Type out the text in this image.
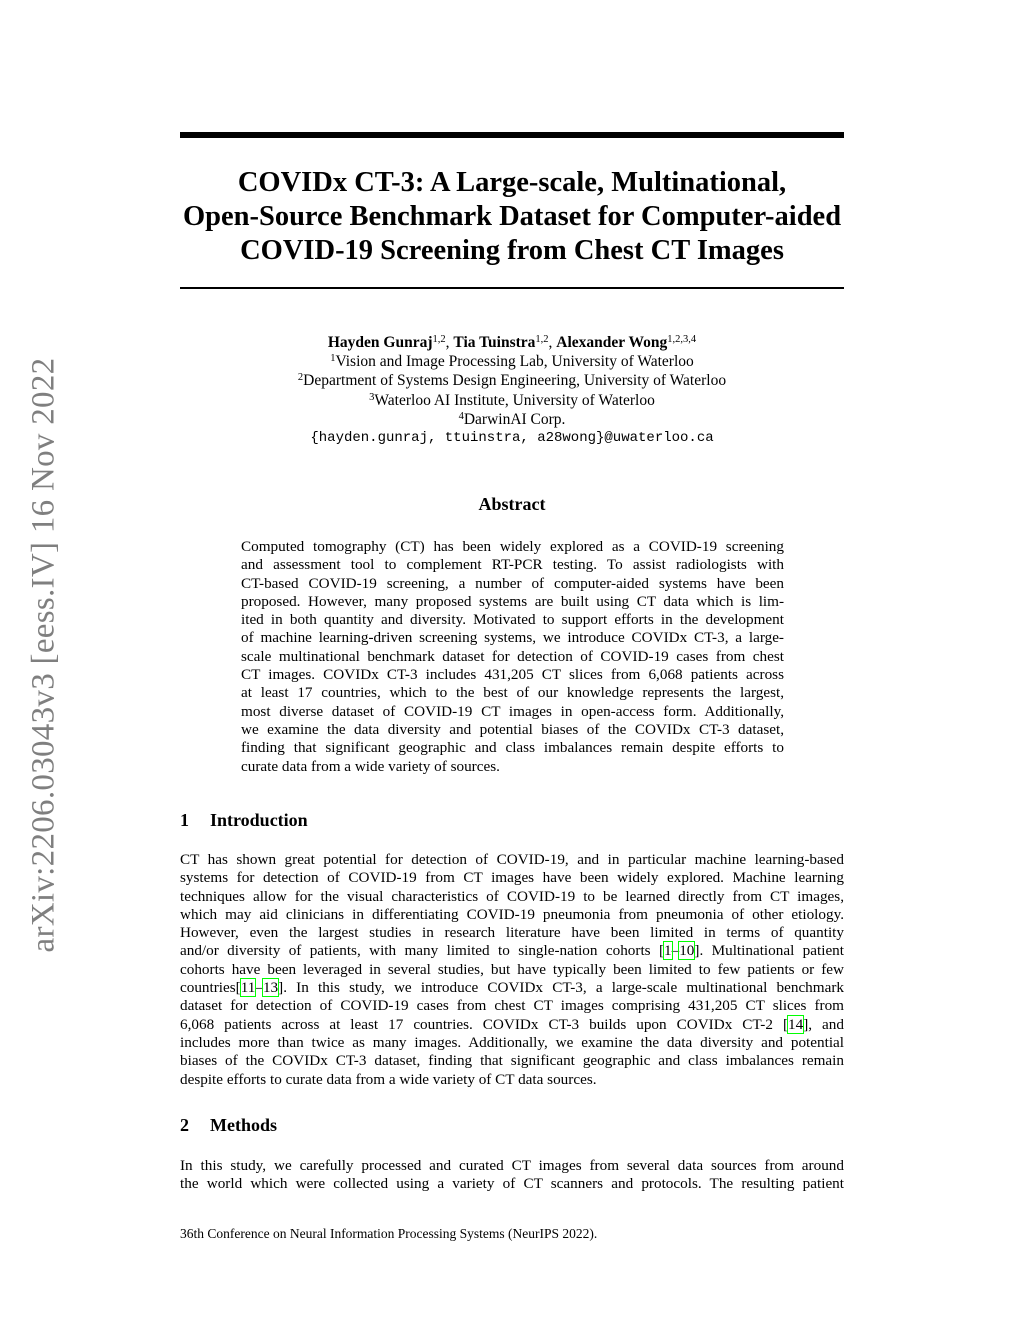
arXiv:2206.03043v3 [eess.IV] 16 Nov 2022
COVIDx CT-3: A Large-scale, Multinational,
Open-Source Benchmark Dataset for Computer-aided
COVID-19 Screening from Chest CT Images
Hayden Gunraj$^{1,2}$, Tia Tuinstra$^{1,2}$, Alexander Wong$^{1,2,3,4}$
$^1$Vision and Image Processing Lab, University of Waterloo
$^2$Department of Systems Design Engineering, University of Waterloo
$^3$Waterloo AI Institute, University of Waterloo
$^4$DarwinAI Corp.
{hayden.gunraj, ttuinstra, a28wong}@uwaterloo.ca
Abstract
Computed tomography (CT) has been widely explored as a COVID-19 screening
and assessment tool to complement RT-PCR testing. To assist radiologists with
CT-based COVID-19 screening, a number of computer-aided systems have been
proposed. However, many proposed systems are built using CT data which is lim-
ited in both quantity and diversity. Motivated to support efforts in the development
of machine learning-driven screening systems, we introduce COVIDx CT-3, a large-
scale multinational benchmark dataset for detection of COVID-19 cases from chest
CT images. COVIDx CT-3 includes 431,205 CT slices from 6,068 patients across
at least 17 countries, which to the best of our knowledge represents the largest,
most diverse dataset of COVID-19 CT images in open-access form. Additionally,
we examine the data diversity and potential biases of the COVIDx CT-3 dataset,
finding that significant geographic and class imbalances remain despite efforts to
curate data from a wide variety of sources.
1 Introduction
CT has shown great potential for detection of COVID-19, and in particular machine learning-based
systems for detection of COVID-19 from CT images have been widely explored. Machine learning
techniques allow for the visual characteristics of COVID-19 to be learned directly from CT images,
which may aid clinicians in differentiating COVID-19 pneumonia from pneumonia of other etiology.
However, even the largest studies in research literature have been limited in terms of quantity
and/or diversity of patients, with many limited to single-nation cohorts [1–10]. Multinational patient
cohorts have been leveraged in several studies, but have typically been limited to few patients or few
countries[11–13]. In this study, we introduce COVIDx CT-3, a large-scale multinational benchmark
dataset for detection of COVID-19 cases from chest CT images comprising 431,205 CT slices from
6,068 patients across at least 17 countries. COVIDx CT-3 builds upon COVIDx CT-2 [14], and
includes more than twice as many images. Additionally, we examine the data diversity and potential
biases of the COVIDx CT-3 dataset, finding that significant geographic and class imbalances remain
despite efforts to curate data from a wide variety of CT data sources.
2 Methods
In this study, we carefully processed and curated CT images from several data sources from around
the world which were collected using a variety of CT scanners and protocols. The resulting patient
36th Conference on Neural Information Processing Systems (NeurIPS 2022).
